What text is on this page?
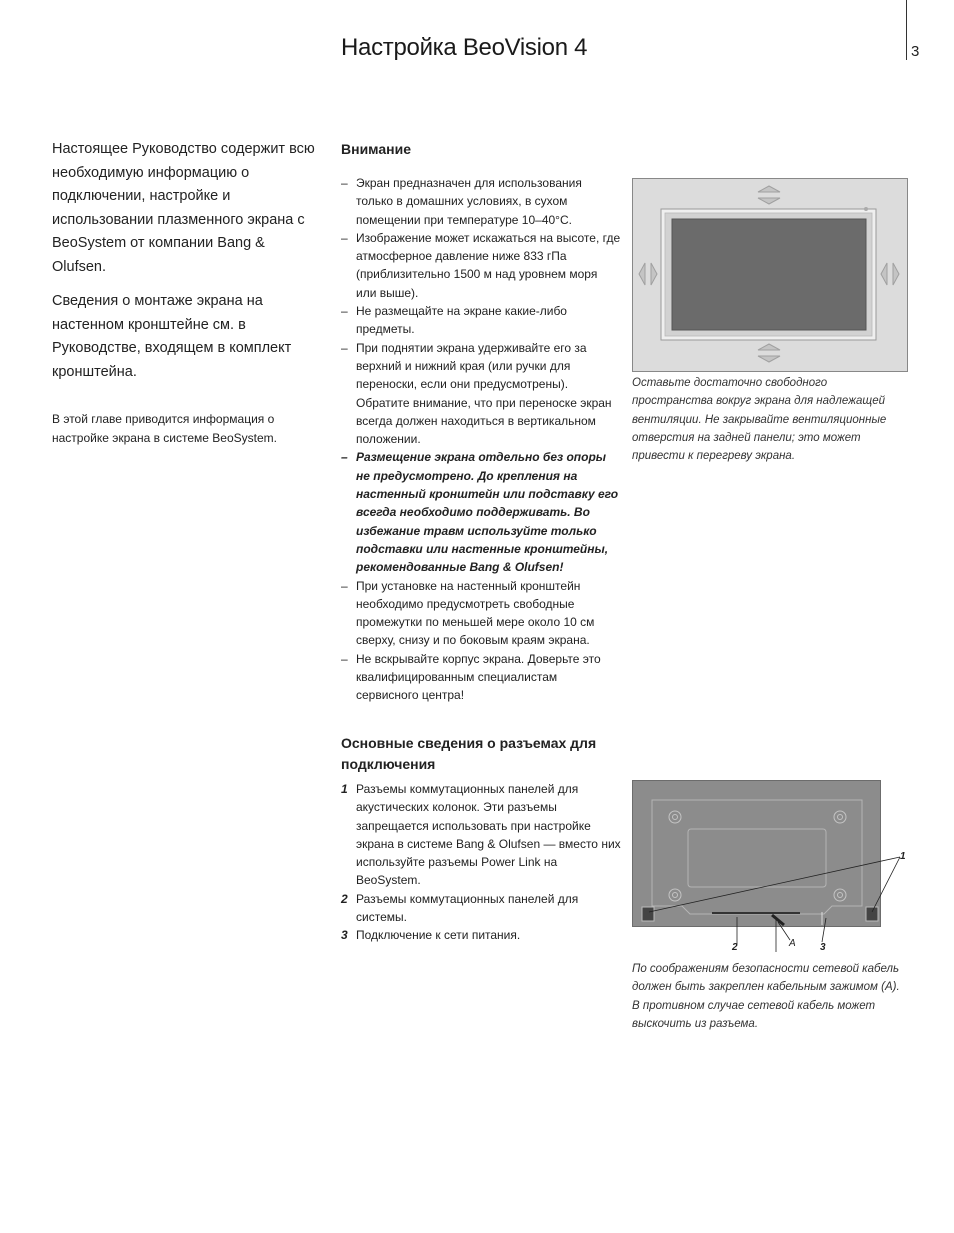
Настройка BeoVision 4	3

Настоящее Руководство содержит всю необходимую информацию о подключении, настройке и использовании плазменного экрана с BeoSystem от компании Bang & Olufsen.

Сведения о монтаже экрана на настенном кронштейне см. в Руководстве, входящем в комплект кронштейна.

В этой главе приводится информация о настройке экрана в системе BeoSystem.
Внимание
– Экран предназначен для использования только в домашних условиях, в сухом помещении при температуре 10–40°C.
– Изображение может искажаться на высоте, где атмосферное давление ниже 833 гПа (приблизительно 1500 м над уровнем моря или выше).
– Не размещайте на экране какие-либо предметы.
– При поднятии экрана удерживайте его за верхний и нижний края (или ручки для переноски, если они предусмотрены). Обратите внимание, что при переноске экран всегда должен находиться в вертикальном положении.
– Размещение экрана отдельно без опоры не предусмотрено. До крепления на настенный кронштейн или подставку его всегда необходимо поддерживать. Во избежание травм используйте только подставки или настенные кронштейны, рекомендованные Bang & Olufsen!
– При установке на настенный кронштейн необходимо предусмотреть свободные промежутки по меньшей мере около 10 см сверху, снизу и по боковым краям экрана.
– Не вскрывайте корпус экрана. Доверьте это квалифицированным специалистам сервисного центра!
Основные сведения о разъемах для подключения
1 Разъемы коммутационных панелей для акустических колонок. Эти разъемы запрещается использовать при настройке экрана в системе Bang & Olufsen — вместо них используйте разъемы Power Link на BeoSystem.
2 Разъемы коммутационных панелей для системы.
3 Подключение к сети питания.
Оставьте достаточно свободного пространства вокруг экрана для надлежащей вентиляции. Не закрывайте вентиляционные отверстия на задней панели; это может привести к перегреву экрана.
1
2	A 3
По соображениям безопасности сетевой кабель должен быть закреплен кабельным зажимом (A). В противном случае сетевой кабель может выскочить из разъема.
